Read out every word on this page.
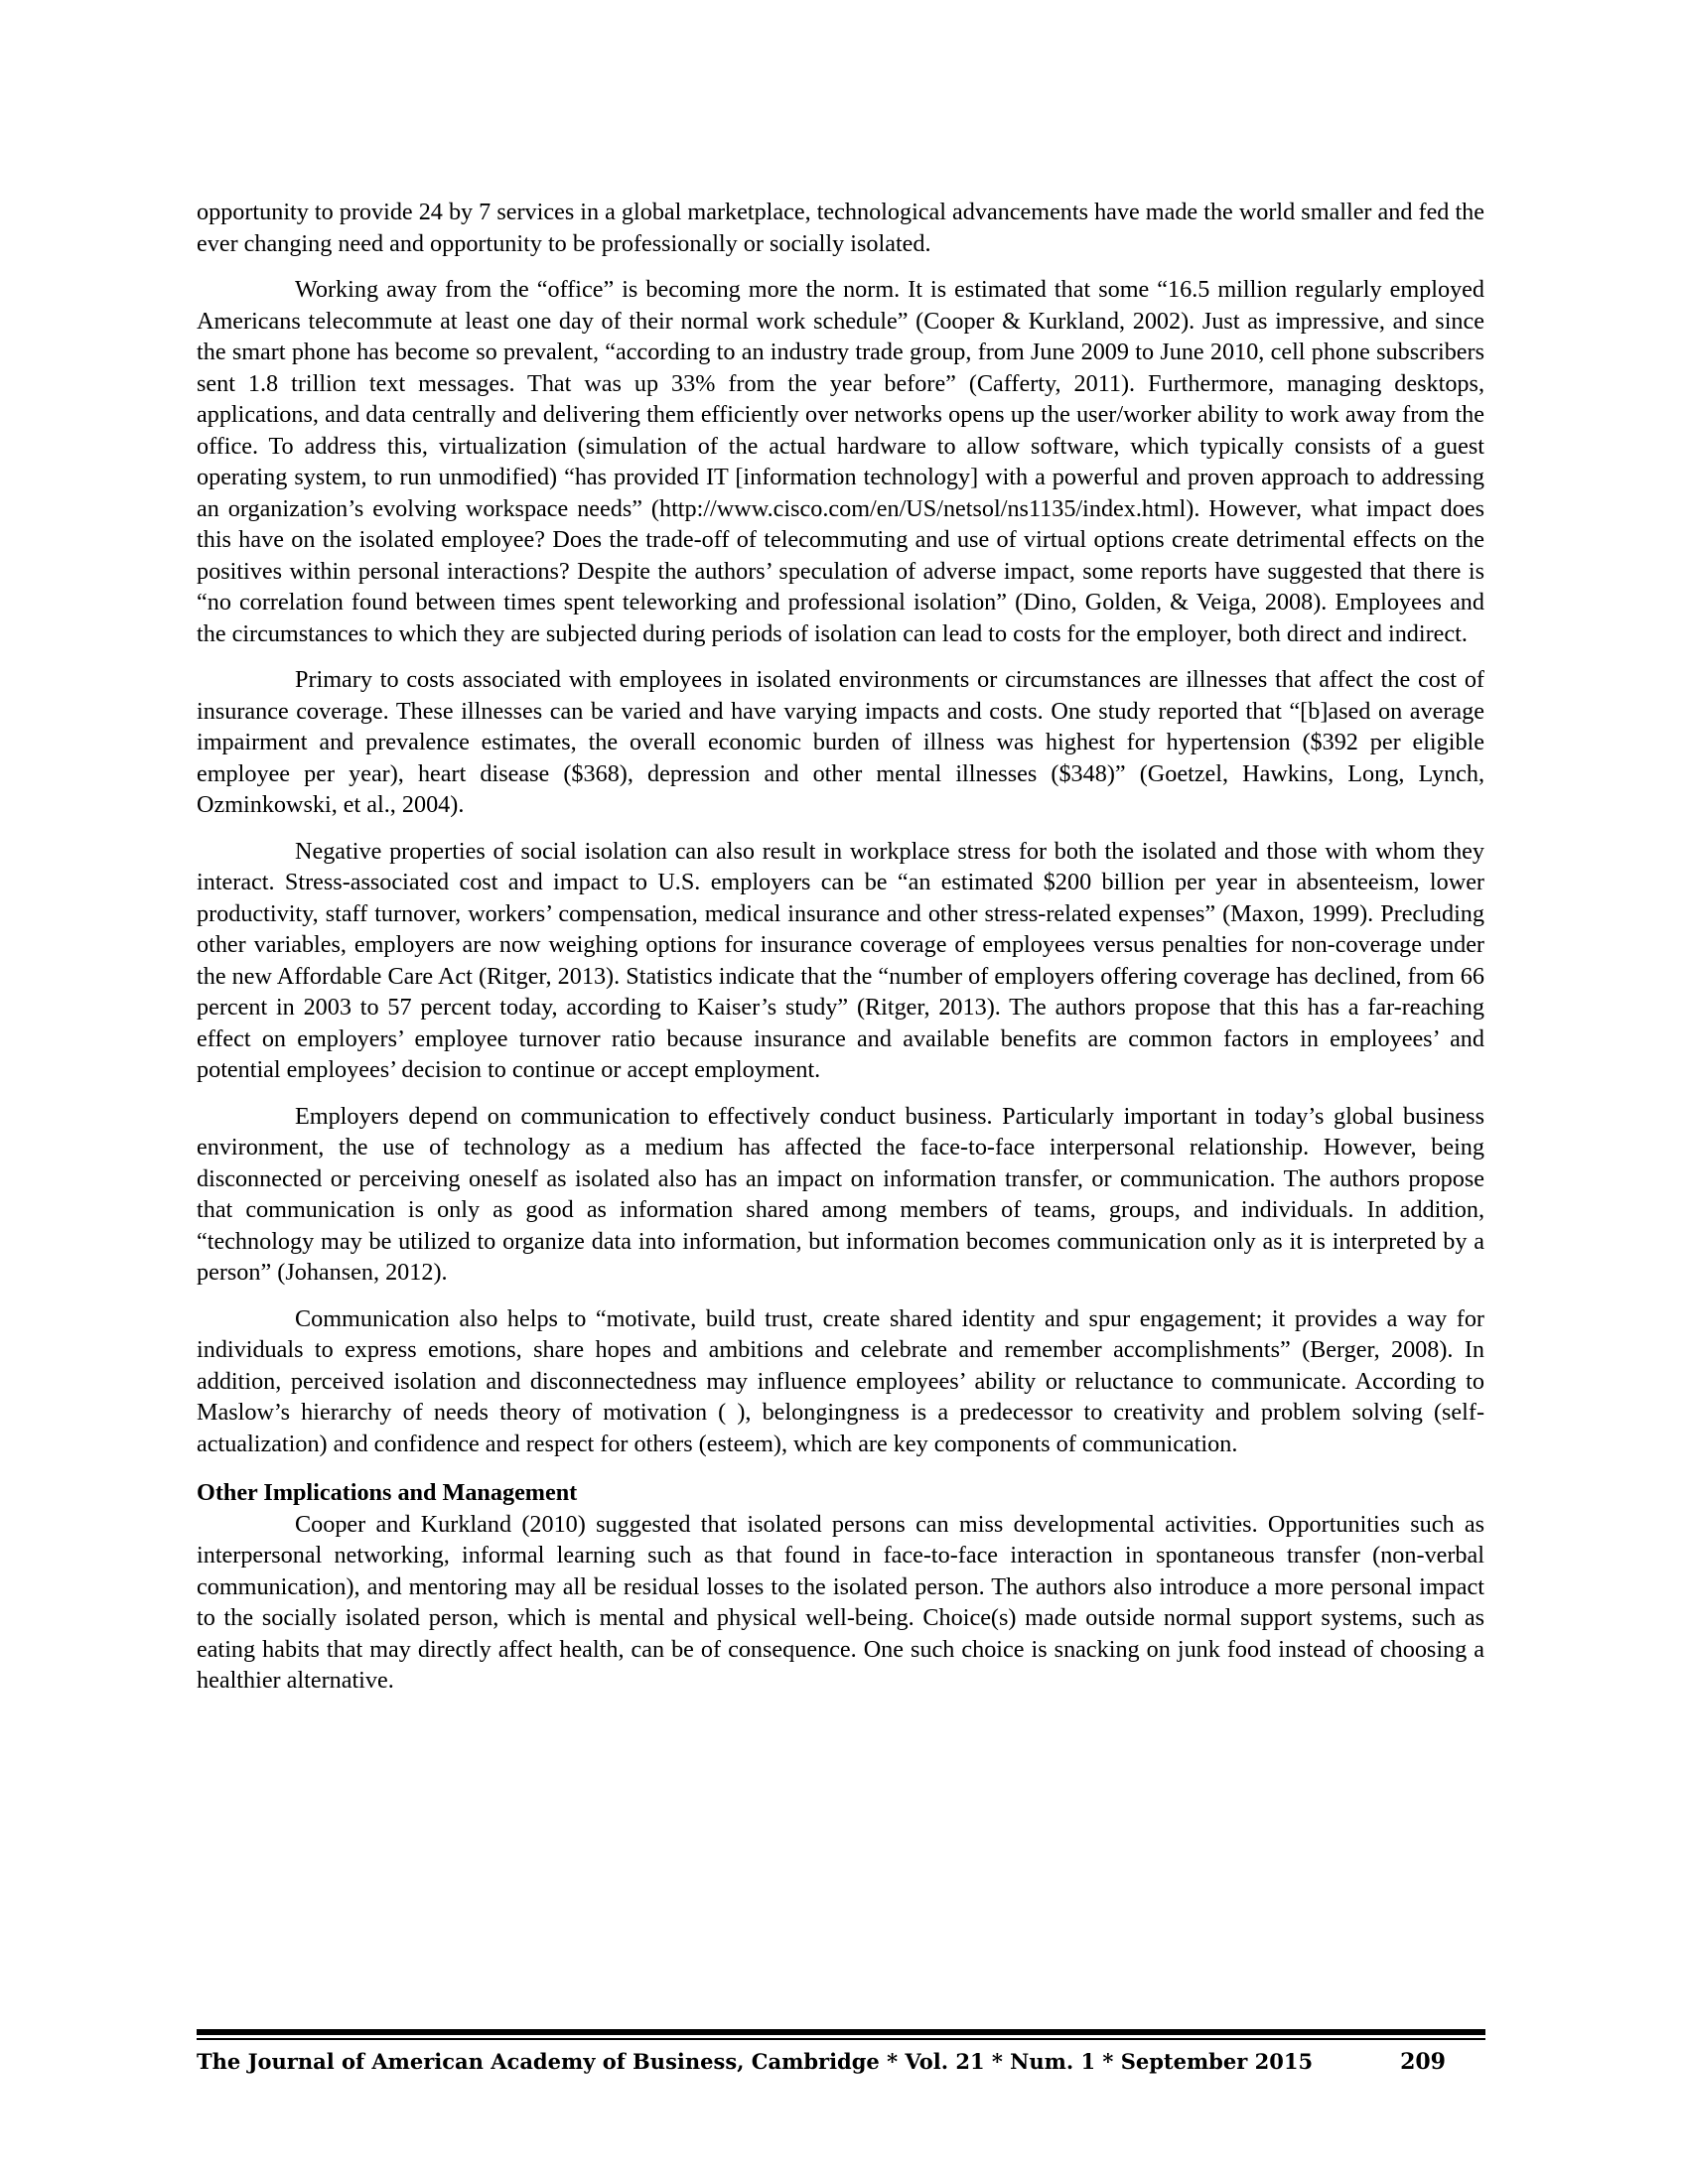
opportunity to provide 24 by 7 services in a global marketplace, technological advancements have made the world smaller and fed the ever changing need and opportunity to be professionally or socially isolated.

Working away from the “office” is becoming more the norm. It is estimated that some “16.5 million regularly employed Americans telecommute at least one day of their normal work schedule” (Cooper & Kurkland, 2002). Just as impressive, and since the smart phone has become so prevalent, “according to an industry trade group, from June 2009 to June 2010, cell phone subscribers sent 1.8 trillion text messages. That was up 33% from the year before” (Cafferty, 2011). Furthermore, managing desktops, applications, and data centrally and delivering them efficiently over networks opens up the user/worker ability to work away from the office. To address this, virtualization (simulation of the actual hardware to allow software, which typically consists of a guest operating system, to run unmodified) “has provided IT [information technology] with a powerful and proven approach to addressing an organization’s evolving workspace needs” (http://www.cisco.com/en/US/netsol/ns1135/index.html). However, what impact does this have on the isolated employee? Does the trade-off of telecommuting and use of virtual options create detrimental effects on the positives within personal interactions? Despite the authors’ speculation of adverse impact, some reports have suggested that there is “no correlation found between times spent teleworking and professional isolation” (Dino, Golden, & Veiga, 2008). Employees and the circumstances to which they are subjected during periods of isolation can lead to costs for the employer, both direct and indirect.

Primary to costs associated with employees in isolated environments or circumstances are illnesses that affect the cost of insurance coverage. These illnesses can be varied and have varying impacts and costs. One study reported that “[b]ased on average impairment and prevalence estimates, the overall economic burden of illness was highest for hypertension ($392 per eligible employee per year), heart disease ($368), depression and other mental illnesses ($348)” (Goetzel, Hawkins, Long, Lynch, Ozminkowski, et al., 2004).

Negative properties of social isolation can also result in workplace stress for both the isolated and those with whom they interact. Stress-associated cost and impact to U.S. employers can be “an estimated $200 billion per year in absenteeism, lower productivity, staff turnover, workers’ compensation, medical insurance and other stress-related expenses” (Maxon, 1999). Precluding other variables, employers are now weighing options for insurance coverage of employees versus penalties for non-coverage under the new Affordable Care Act (Ritger, 2013). Statistics indicate that the “number of employers offering coverage has declined, from 66 percent in 2003 to 57 percent today, according to Kaiser’s study” (Ritger, 2013). The authors propose that this has a far-reaching effect on employers’ employee turnover ratio because insurance and available benefits are common factors in employees’ and potential employees’ decision to continue or accept employment.

Employers depend on communication to effectively conduct business. Particularly important in today’s global business environment, the use of technology as a medium has affected the face-to-face interpersonal relationship. However, being disconnected or perceiving oneself as isolated also has an impact on information transfer, or communication. The authors propose that communication is only as good as information shared among members of teams, groups, and individuals. In addition, “technology may be utilized to organize data into information, but information becomes communication only as it is interpreted by a person” (Johansen, 2012).

Communication also helps to “motivate, build trust, create shared identity and spur engagement; it provides a way for individuals to express emotions, share hopes and ambitions and celebrate and remember accomplishments” (Berger, 2008). In addition, perceived isolation and disconnectedness may influence employees’ ability or reluctance to communicate. According to Maslow’s hierarchy of needs theory of motivation ( ), belongingness is a predecessor to creativity and problem solving (self-actualization) and confidence and respect for others (esteem), which are key components of communication.

Other Implications and Management

Cooper and Kurkland (2010) suggested that isolated persons can miss developmental activities. Opportunities such as interpersonal networking, informal learning such as that found in face-to-face interaction in spontaneous transfer (non-verbal communication), and mentoring may all be residual losses to the isolated person. The authors also introduce a more personal impact to the socially isolated person, which is mental and physical well-being. Choice(s) made outside normal support systems, such as eating habits that may directly affect health, can be of consequence. One such choice is snacking on junk food instead of choosing a healthier alternative.

The Journal of American Academy of Business, Cambridge * Vol. 21 * Num. 1 * September 2015	209
